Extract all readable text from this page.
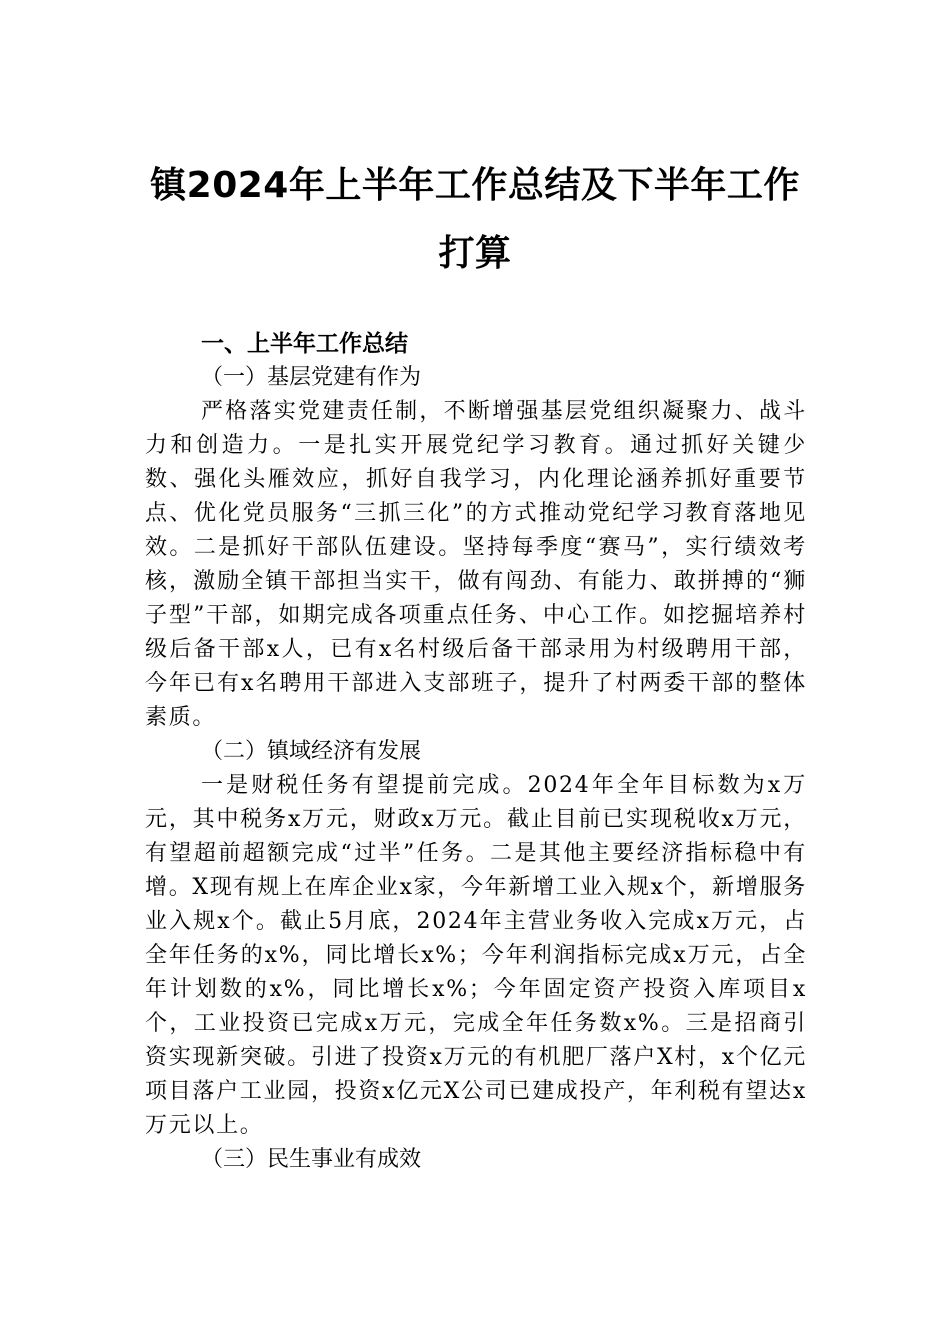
镇2024年上半年工作总结及下半年工作打算

一、上半年工作总结

（一）基层党建有作为

严格落实党建责任制，不断增强基层党组织凝聚力、战斗力和创造力。一是扎实开展党纪学习教育。通过抓好关键少数、强化头雁效应，抓好自我学习，内化理论涵养抓好重要节点、优化党员服务“三抓三化”的方式推动党纪学习教育落地见效。二是抓好干部队伍建设。坚持每季度“赛马”，实行绩效考核，激励全镇干部担当实干，做有闯劲、有能力、敢拼搏的“狮子型”干部，如期完成各项重点任务、中心工作。如挖掘培养村级后备干部x人，已有x名村级后备干部录用为村级聘用干部，今年已有x名聘用干部进入支部班子，提升了村两委干部的整体素质。

（二）镇域经济有发展

一是财税任务有望提前完成。2024年全年目标数为x万元，其中税务x万元，财政x万元。截止目前已实现税收x万元，有望超前超额完成“过半”任务。二是其他主要经济指标稳中有增。X现有规上在库企业x家，今年新增工业入规x个，新增服务业入规x个。截止5月底，2024年主营业务收入完成x万元，占全年任务的x%，同比增长x%；今年利润指标完成x万元，占全年计划数的x%，同比增长x%；今年固定资产投资入库项目x个，工业投资已完成x万元，完成全年任务数x%。三是招商引资实现新突破。引进了投资x万元的有机肥厂落户X村，x个亿元项目落户工业园，投资x亿元X公司已建成投产，年利税有望达x万元以上。

（三）民生事业有成效
